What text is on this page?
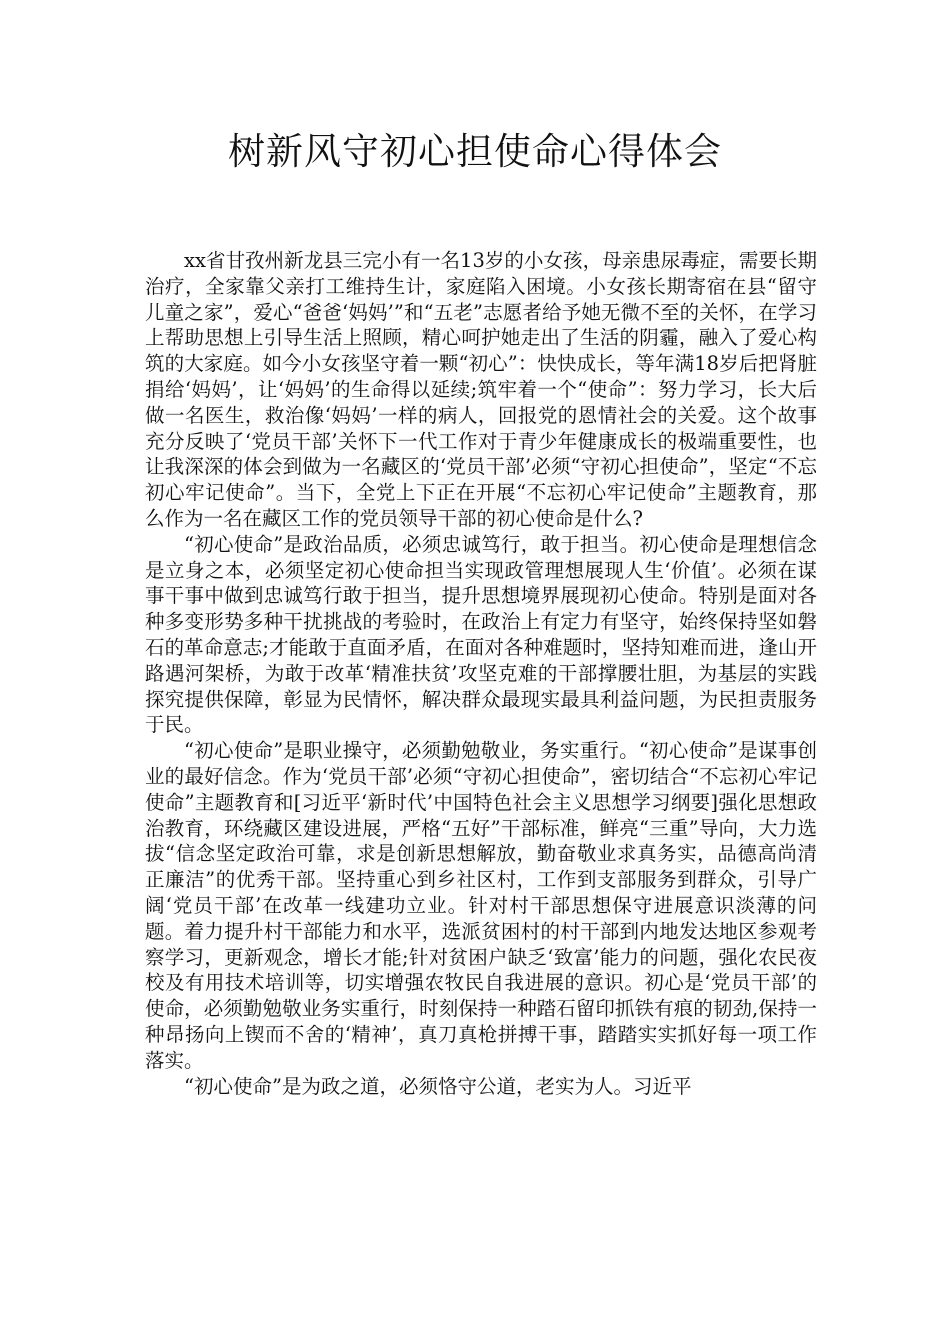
树新风守初心担使命心得体会

xx省甘孜州新龙县三完小有一名13岁的小女孩，母亲患尿毒症，需要长期治疗，全家靠父亲打工维持生计，家庭陷入困境。小女孩长期寄宿在县“留守儿童之家”，爱心“爸爸‘妈妈’”和“五老”志愿者给予她无微不至的关怀，在学习上帮助思想上引导生活上照顾，精心呵护她走出了生活的阴霾，融入了爱心构筑的大家庭。如今小女孩坚守着一颗“初心”：快快成长，等年满18岁后把肾脏捐给‘妈妈’，让‘妈妈’的生命得以延续;筑牢着一个“使命”：努力学习，长大后做一名医生，救治像‘妈妈’一样的病人，回报党的恩情社会的关爱。这个故事充分反映了‘党员干部’关怀下一代工作对于青少年健康成长的极端重要性，也让我深深的体会到做为一名藏区的‘党员干部’必须“守初心担使命”，坚定“不忘初心牢记使命”。当下，全党上下正在开展“不忘初心牢记使命”主题教育，那么作为一名在藏区工作的党员领导干部的初心使命是什么?

“初心使命”是政治品质，必须忠诚笃行，敢于担当。初心使命是理想信念是立身之本，必须坚定初心使命担当实现政管理想展现人生‘价值’。必须在谋事干事中做到忠诚笃行敢于担当，提升思想境界展现初心使命。特别是面对各种多变形势多种干扰挑战的考验时，在政治上有定力有坚守，始终保持坚如磐石的革命意志;才能敢于直面矛盾，在面对各种难题时，坚持知难而进，逢山开路遇河架桥，为敢于改革‘精准扶贫’攻坚克难的干部撑腰壮胆，为基层的实践探究提供保障，彰显为民情怀，解决群众最现实最具利益问题，为民担责服务于民。

“初心使命”是职业操守，必须勤勉敬业，务实重行。“初心使命”是谋事创业的最好信念。作为‘党员干部’必须“守初心担使命”，密切结合“不忘初心牢记使命”主题教育和[习近平‘新时代’中国特色社会主义思想学习纲要]强化思想政治教育，环绕藏区建设进展，严格“五好”干部标准，鲜亮“三重”导向，大力选拔“信念坚定政治可靠，求是创新思想解放，勤奋敬业求真务实，品德高尚清正廉洁”的优秀干部。坚持重心到乡社区村，工作到支部服务到群众，引导广阔‘党员干部’在改革一线建功立业。针对村干部思想保守进展意识淡薄的问题。着力提升村干部能力和水平，选派贫困村的村干部到内地发达地区参观考察学习，更新观念，增长才能;针对贫困户缺乏‘致富’能力的问题，强化农民夜校及有用技术培训等，切实增强农牧民自我进展的意识。初心是‘党员干部’的使命，必须勤勉敬业务实重行，时刻保持一种踏石留印抓铁有痕的韧劲,保持一种昂扬向上锲而不舍的‘精神’，真刀真枪拼搏干事，踏踏实实抓好每一项工作落实。

“初心使命”是为政之道，必须恪守公道，老实为人。习近平
